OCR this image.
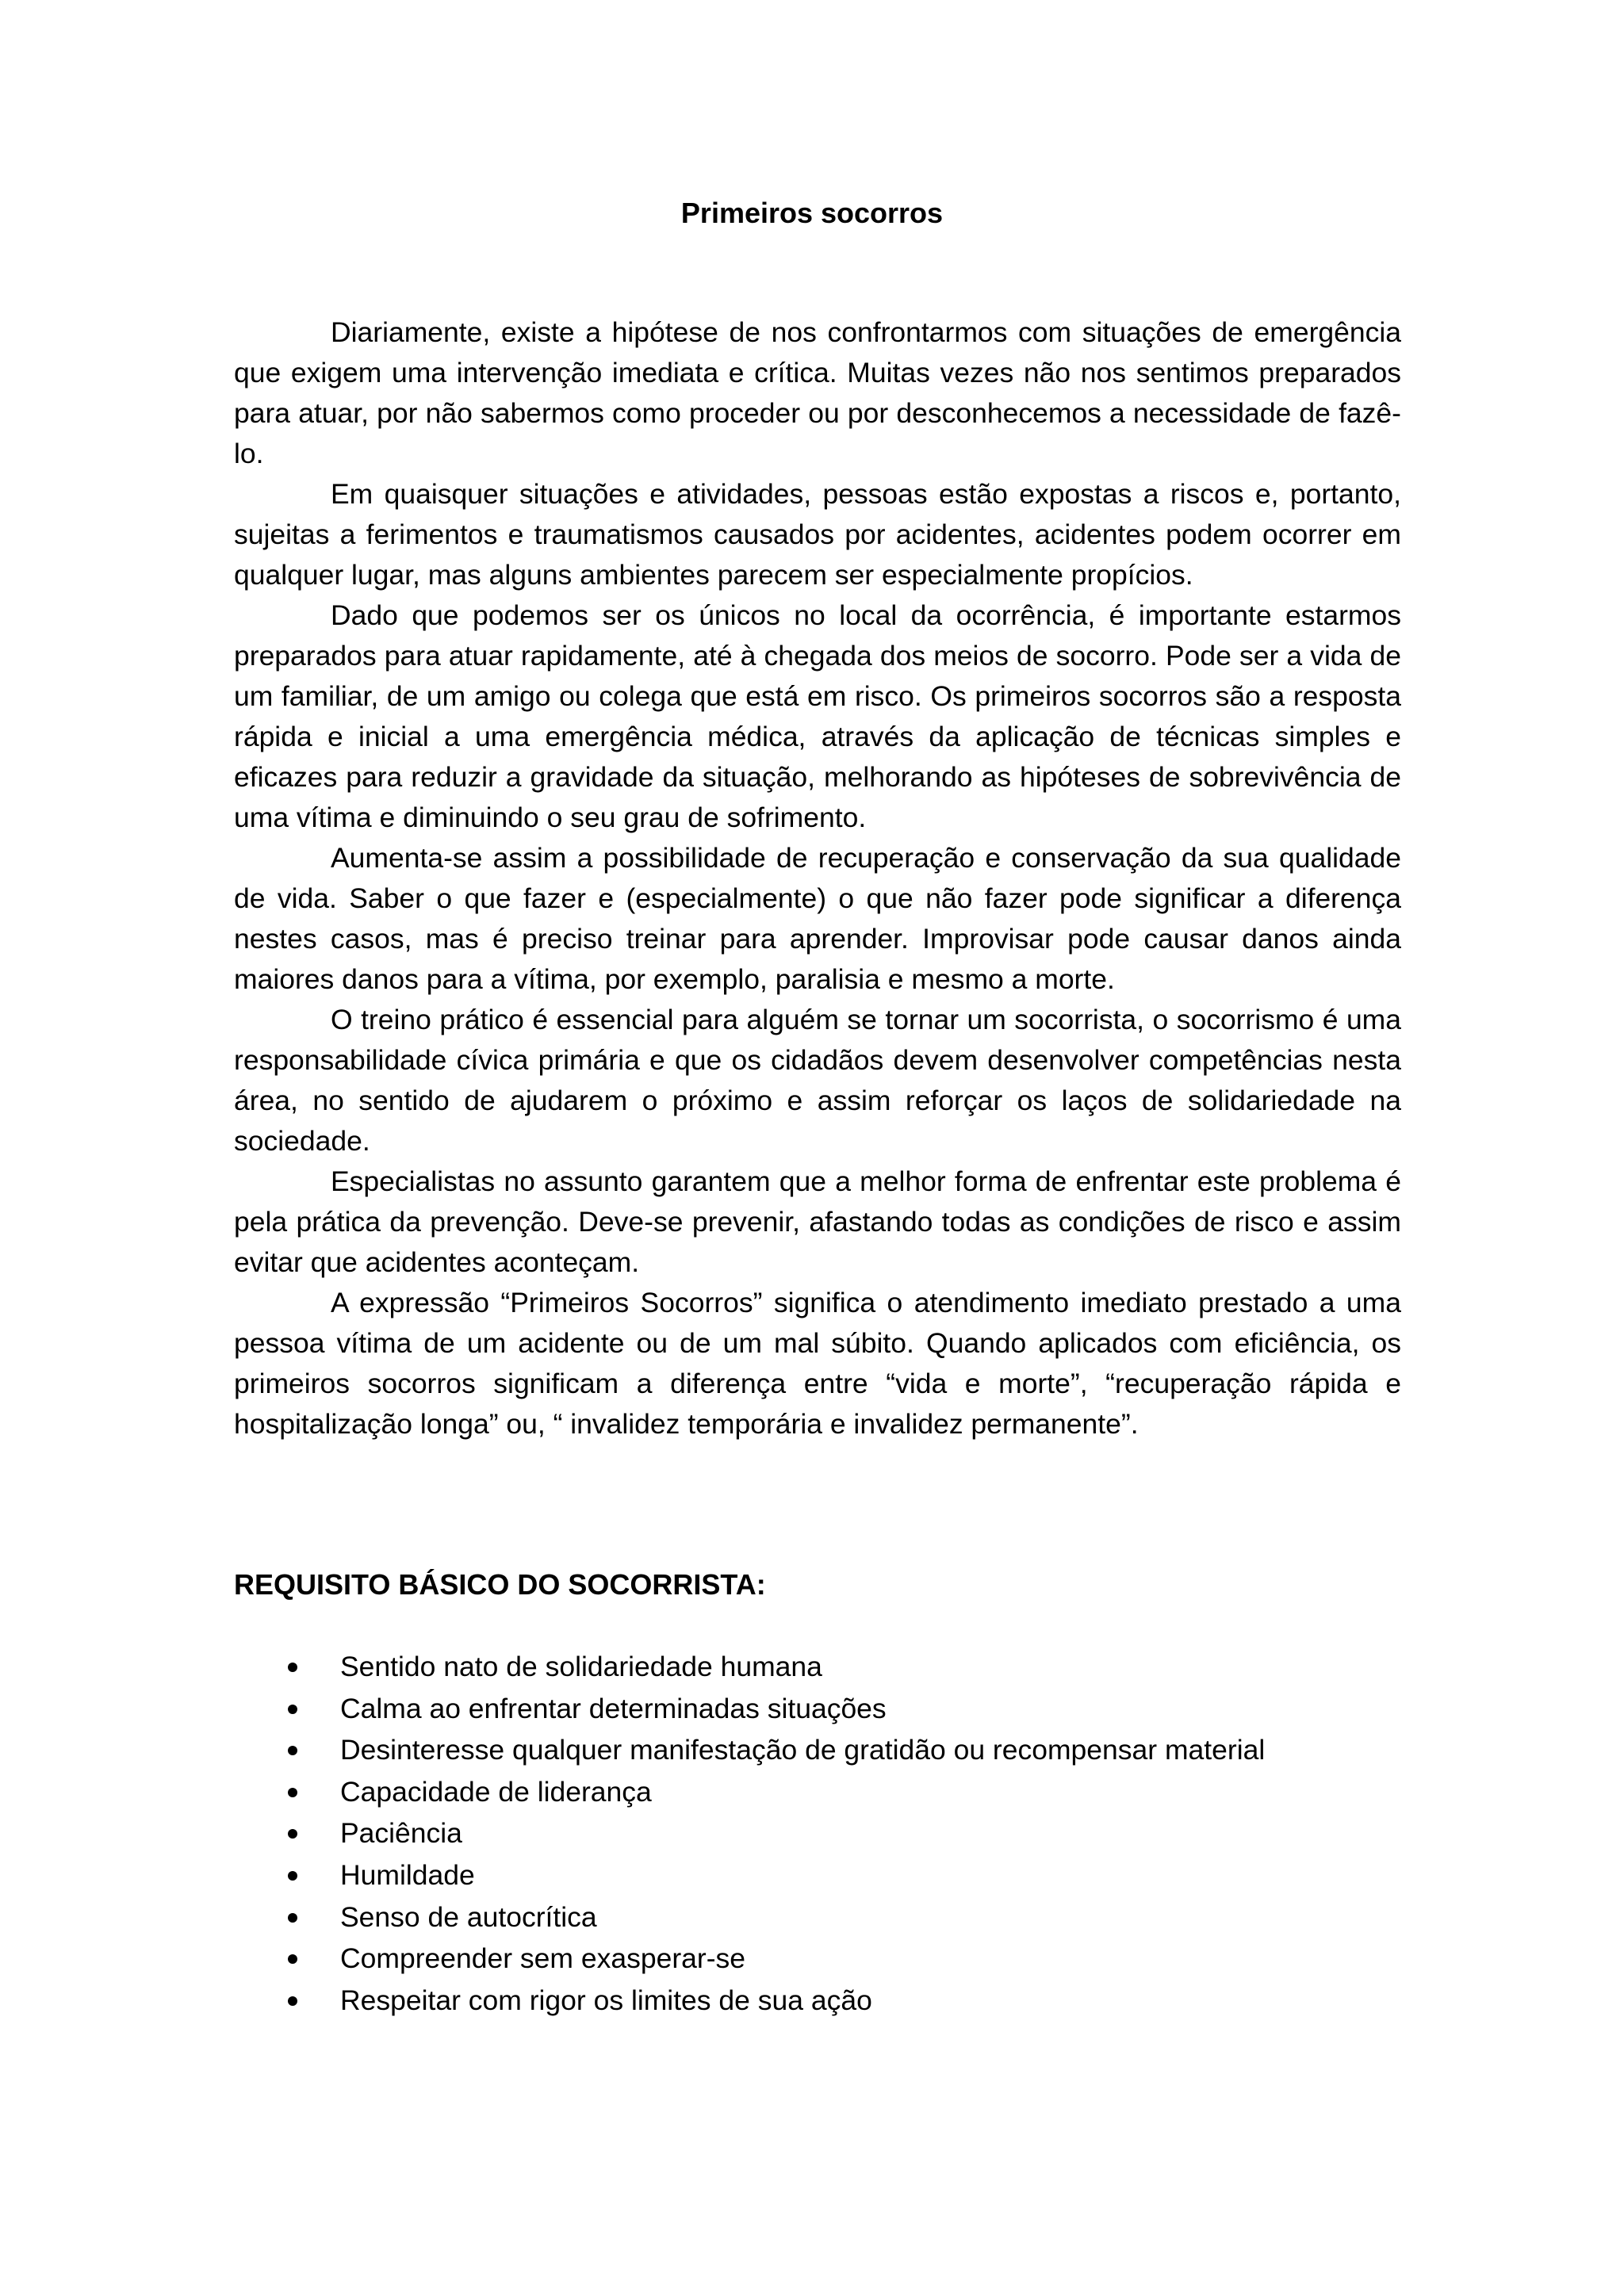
Primeiros socorros

Diariamente, existe a hipótese de nos confrontarmos com situações de emergência que exigem uma intervenção imediata e crítica. Muitas vezes não nos sentimos preparados para atuar, por não sabermos como proceder ou por desconhecemos a necessidade de fazê-lo.

Em quaisquer situações e atividades, pessoas estão expostas a riscos e, portanto, sujeitas a ferimentos e traumatismos causados por acidentes, acidentes podem ocorrer em qualquer lugar, mas alguns ambientes parecem ser especialmente propícios.

Dado que podemos ser os únicos no local da ocorrência, é importante estarmos preparados para atuar rapidamente, até à chegada dos meios de socorro. Pode ser a vida de um familiar, de um amigo ou colega que está em risco. Os primeiros socorros são a resposta rápida e inicial a uma emergência médica, através da aplicação de técnicas simples e eficazes para reduzir a gravidade da situação, melhorando as hipóteses de sobrevivência de uma vítima e diminuindo o seu grau de sofrimento.

Aumenta-se assim a possibilidade de recuperação e conservação da sua qualidade de vida. Saber o que fazer e (especialmente) o que não fazer pode significar a diferença nestes casos, mas é preciso treinar para aprender. Improvisar pode causar danos ainda maiores danos para a vítima, por exemplo, paralisia e mesmo a morte.

O treino prático é essencial para alguém se tornar um socorrista, o socorrismo é uma responsabilidade cívica primária e que os cidadãos devem desenvolver competências nesta área, no sentido de ajudarem o próximo e assim reforçar os laços de solidariedade na sociedade.

Especialistas no assunto garantem que a melhor forma de enfrentar este problema é pela prática da prevenção. Deve-se prevenir, afastando todas as condições de risco e assim evitar que acidentes aconteçam.

A expressão “Primeiros Socorros” significa o atendimento imediato prestado a uma pessoa vítima de um acidente ou de um mal súbito. Quando aplicados com eficiência, os primeiros socorros significam a diferença entre “vida e morte”, “recuperação rápida e hospitalização longa” ou, “ invalidez temporária e invalidez permanente”.

REQUISITO BÁSICO DO SOCORRISTA:
Sentido nato de solidariedade humana
Calma ao enfrentar determinadas situações
Desinteresse qualquer manifestação de gratidão ou recompensar material
Capacidade de liderança
Paciência
Humildade
Senso de autocrítica
Compreender sem exasperar-se
Respeitar com rigor os limites de sua ação
